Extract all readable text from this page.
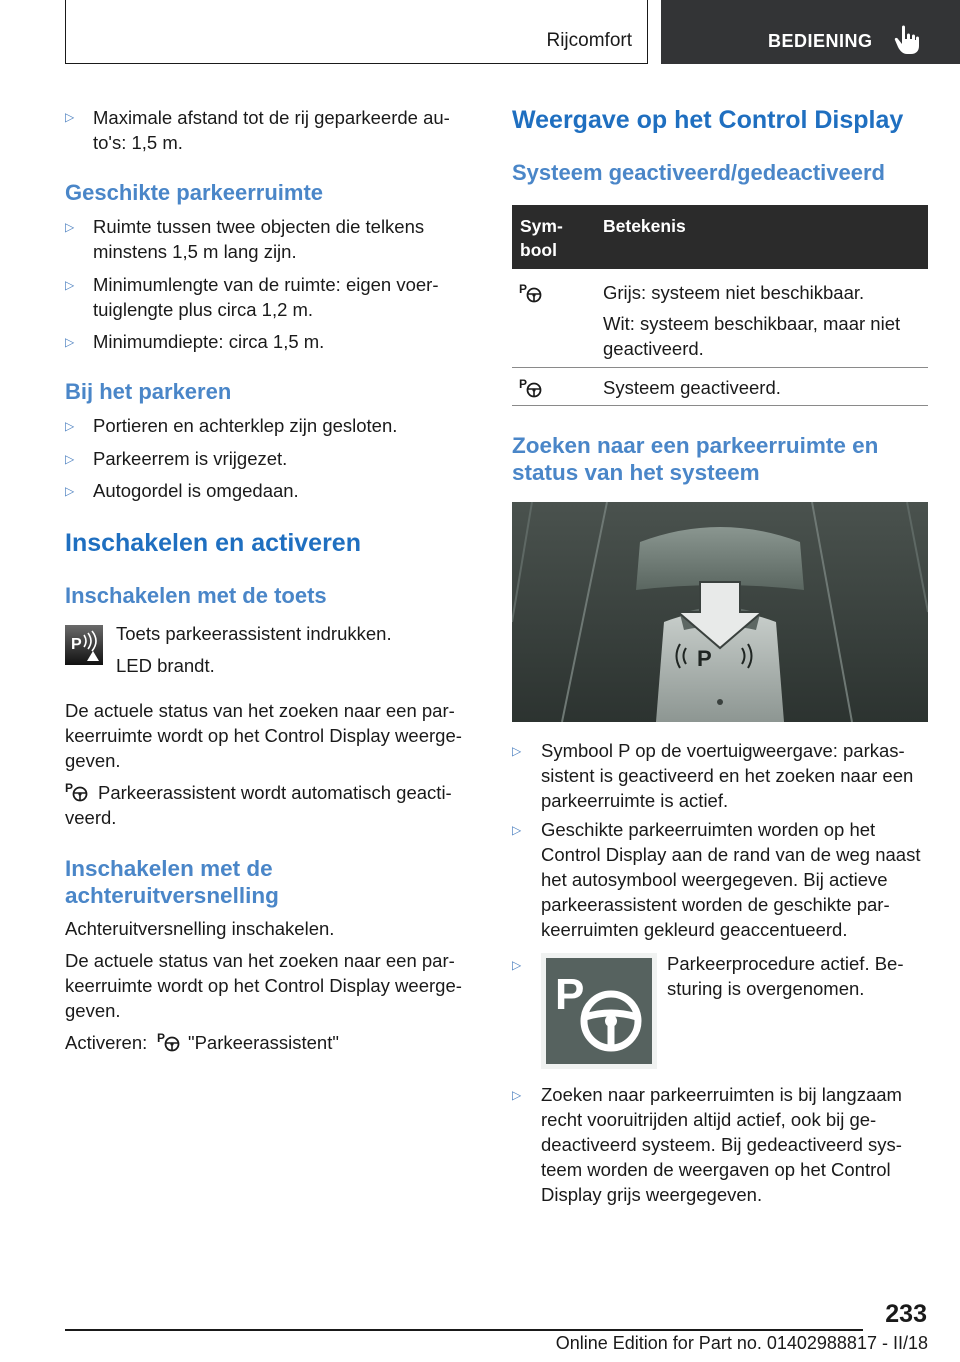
Rijcomfort	BEDIENING
▷ Maximale afstand tot de rij geparkeerde au-
to's: 1,5 m.
Geschikte parkeerruimte
▷ Ruimte tussen twee objecten die telkens
minstens 1,5 m lang zijn.
▷ Minimumlengte van de ruimte: eigen voer-
tuiglengte plus circa 1,2 m.
▷ Minimumdiepte: circa 1,5 m.
Bij het parkeren
▷ Portieren en achterklep zijn gesloten.
▷ Parkeerrem is vrijgezet.
▷ Autogordel is omgedaan.
Inschakelen en activeren
Inschakelen met de toets
P
Toets parkeerassistent indrukken.
LED brandt.
De actuele status van het zoeken naar een par-
keerruimte wordt op het Control Display weerge-
geven.
P Parkeerassistent wordt automatisch geacti-
veerd.
Inschakelen met de
achteruitversnelling
Achteruitversnelling inschakelen.
De actuele status van het zoeken naar een par-
keerruimte wordt op het Control Display weerge-
geven.
Activeren: P "Parkeerassistent"
Weergave op het Control Display
Systeem geactiveerd/gedeactiveerd
Sym-
bool
Betekenis
P	Grijs: systeem niet beschikbaar.
Wit: systeem beschikbaar, maar niet
geactiveerd.
P	Systeem geactiveerd.
Zoeken naar een parkeerruimte en
status van het systeem
P
▷ Symbool P op de voertuigweergave: parkas-
sistent is geactiveerd en het zoeken naar een
parkeerruimte is actief.
▷ Geschikte parkeerruimten worden op het
Control Display aan de rand van de weg naast
het autosymbool weergegeven. Bij actieve
parkeerassistent worden de geschikte par-
keerruimten gekleurd geaccentueerd.
▷
P
Parkeerprocedure actief. Be-
sturing is overgenomen.
▷ Zoeken naar parkeerruimten is bij langzaam
recht vooruitrijden altijd actief, ook bij ge-
deactiveerd systeem. Bij gedeactiveerd sys-
teem worden de weergaven op het Control
Display grijs weergegeven.
233
Online Edition for Part no. 01402988817 - II/18
